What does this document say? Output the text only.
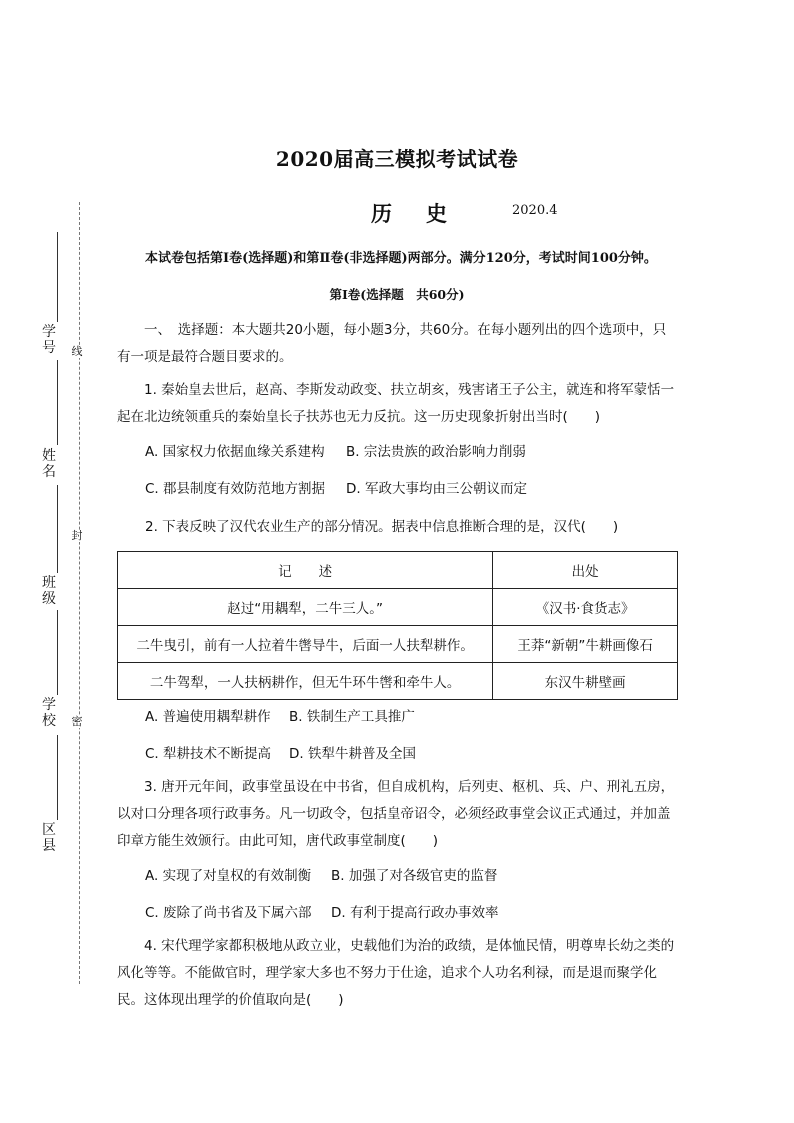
学号
姓名
班级
学校
区县
线
封
密
2020届高三模拟考试试卷
历史 2020.4
本试卷包括第Ⅰ卷(选择题)和第Ⅱ卷(非选择题)两部分。满分120分，考试时间100分钟。
第Ⅰ卷(选择题　共60分)
一、　选择题：本大题共20小题，每小题3分，共60分。在每小题列出的四个选项中，只有一项是最符合题目要求的。
1. 秦始皇去世后，赵高、李斯发动政变、扶立胡亥，残害诸王子公主，就连和将军蒙恬一起在北边统领重兵的秦始皇长子扶苏也无力反抗。这一历史现象折射出当时(　　)
A. 国家权力依据血缘关系建构 B. 宗法贵族的政治影响力削弱
C. 郡县制度有效防范地方割据 D. 军政大事均由三公朝议而定
2. 下表反映了汉代农业生产的部分情况。据表中信息推断合理的是，汉代(　　)
记　　述	出处
赵过“用耦犁，二牛三人。”	《汉书·食货志》
二牛曳引，前有一人拉着牛辔导牛，后面一人扶犁耕作。	王莽“新朝”牛耕画像石
二牛驾犁，一人扶柄耕作，但无牛环牛辔和牵牛人。	东汉牛耕壁画
A. 普遍使用耦犁耕作 B. 铁制生产工具推广
C. 犁耕技术不断提高 D. 铁犁牛耕普及全国
3. 唐开元年间，政事堂虽设在中书省，但自成机构，后列吏、枢机、兵、户、刑礼五房，以对口分理各项行政事务。凡一切政令，包括皇帝诏令，必须经政事堂会议正式通过，并加盖印章方能生效颁行。由此可知，唐代政事堂制度(　　)
A. 实现了对皇权的有效制衡 B. 加强了对各级官吏的监督
C. 废除了尚书省及下属六部 D. 有利于提高行政办事效率
4. 宋代理学家都积极地从政立业，史载他们为治的政绩，是体恤民情，明尊卑长幼之类的风化等等。不能做官时，理学家大多也不努力于仕途，追求个人功名利禄，而是退而聚学化民。这体现出理学的价值取向是(　　)
